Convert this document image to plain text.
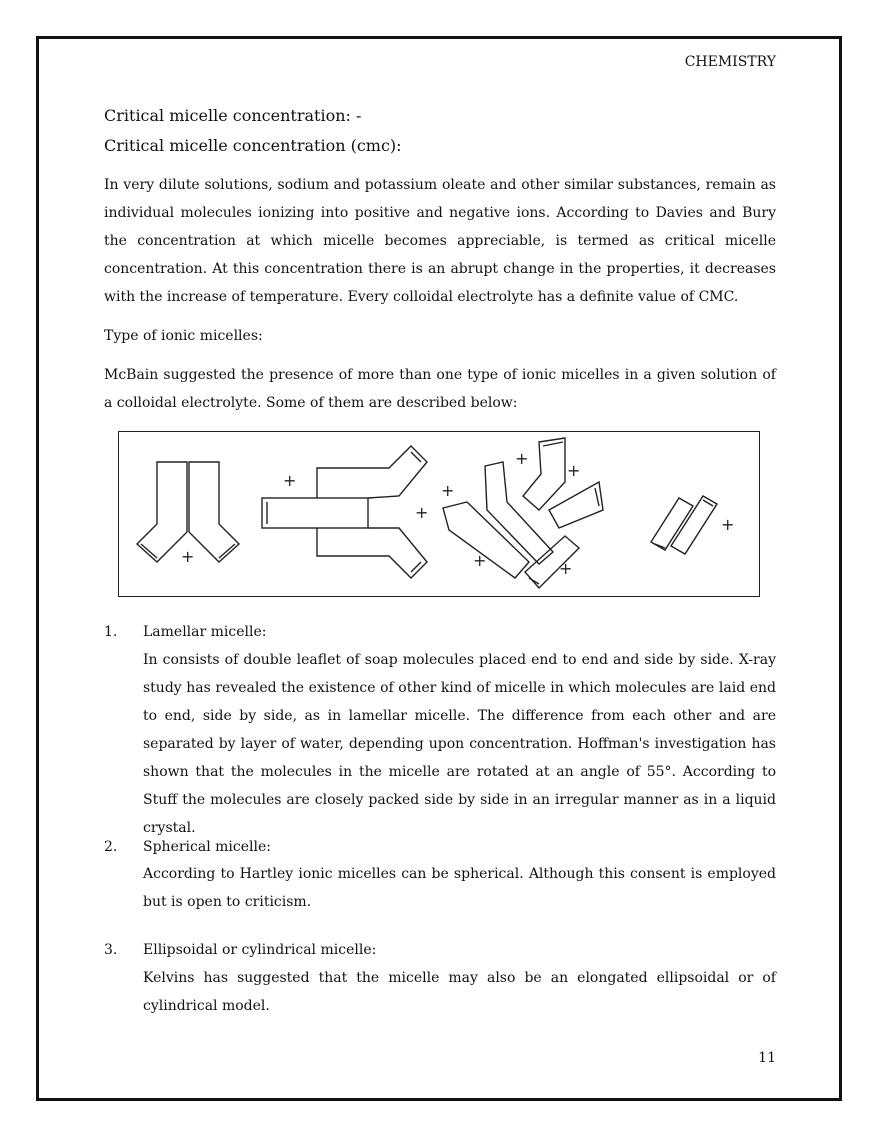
CHEMISTRY
Critical micelle concentration: -
Critical micelle concentration (cmc):
In very dilute solutions, sodium and potassium oleate and other similar substances, remain as individual molecules ionizing into positive and negative ions. According to Davies and Bury the concentration at which micelle becomes appreciable, is termed as critical micelle concentration. At this concentration there is an abrupt change in the properties, it decreases with the increase of temperature. Every colloidal electrolyte has a definite value of CMC.
Type of ionic micelles:
McBain suggested the presence of more than one type of ionic micelles in a given solution of a colloidal electrolyte. Some of them are described below:
+
+
+
+
+
+
+	+
+
1. Lamellar micelle:
In consists of double leaflet of soap molecules placed end to end and side by side. X-ray study has revealed the existence of other kind of micelle in which molecules are laid end to end, side by side, as in lamellar micelle. The difference from each other and are separated by layer of water, depending upon concentration. Hoffman's investigation has shown that the molecules in the micelle are rotated at an angle of 55°. According to Stuff the molecules are closely packed side by side in an irregular manner as in a liquid crystal.
2. Spherical micelle:
According to Hartley ionic micelles can be spherical. Although this consent is employed but is open to criticism.
3. Ellipsoidal or cylindrical micelle:
Kelvins has suggested that the micelle may also be an elongated ellipsoidal or of cylindrical model.
11
